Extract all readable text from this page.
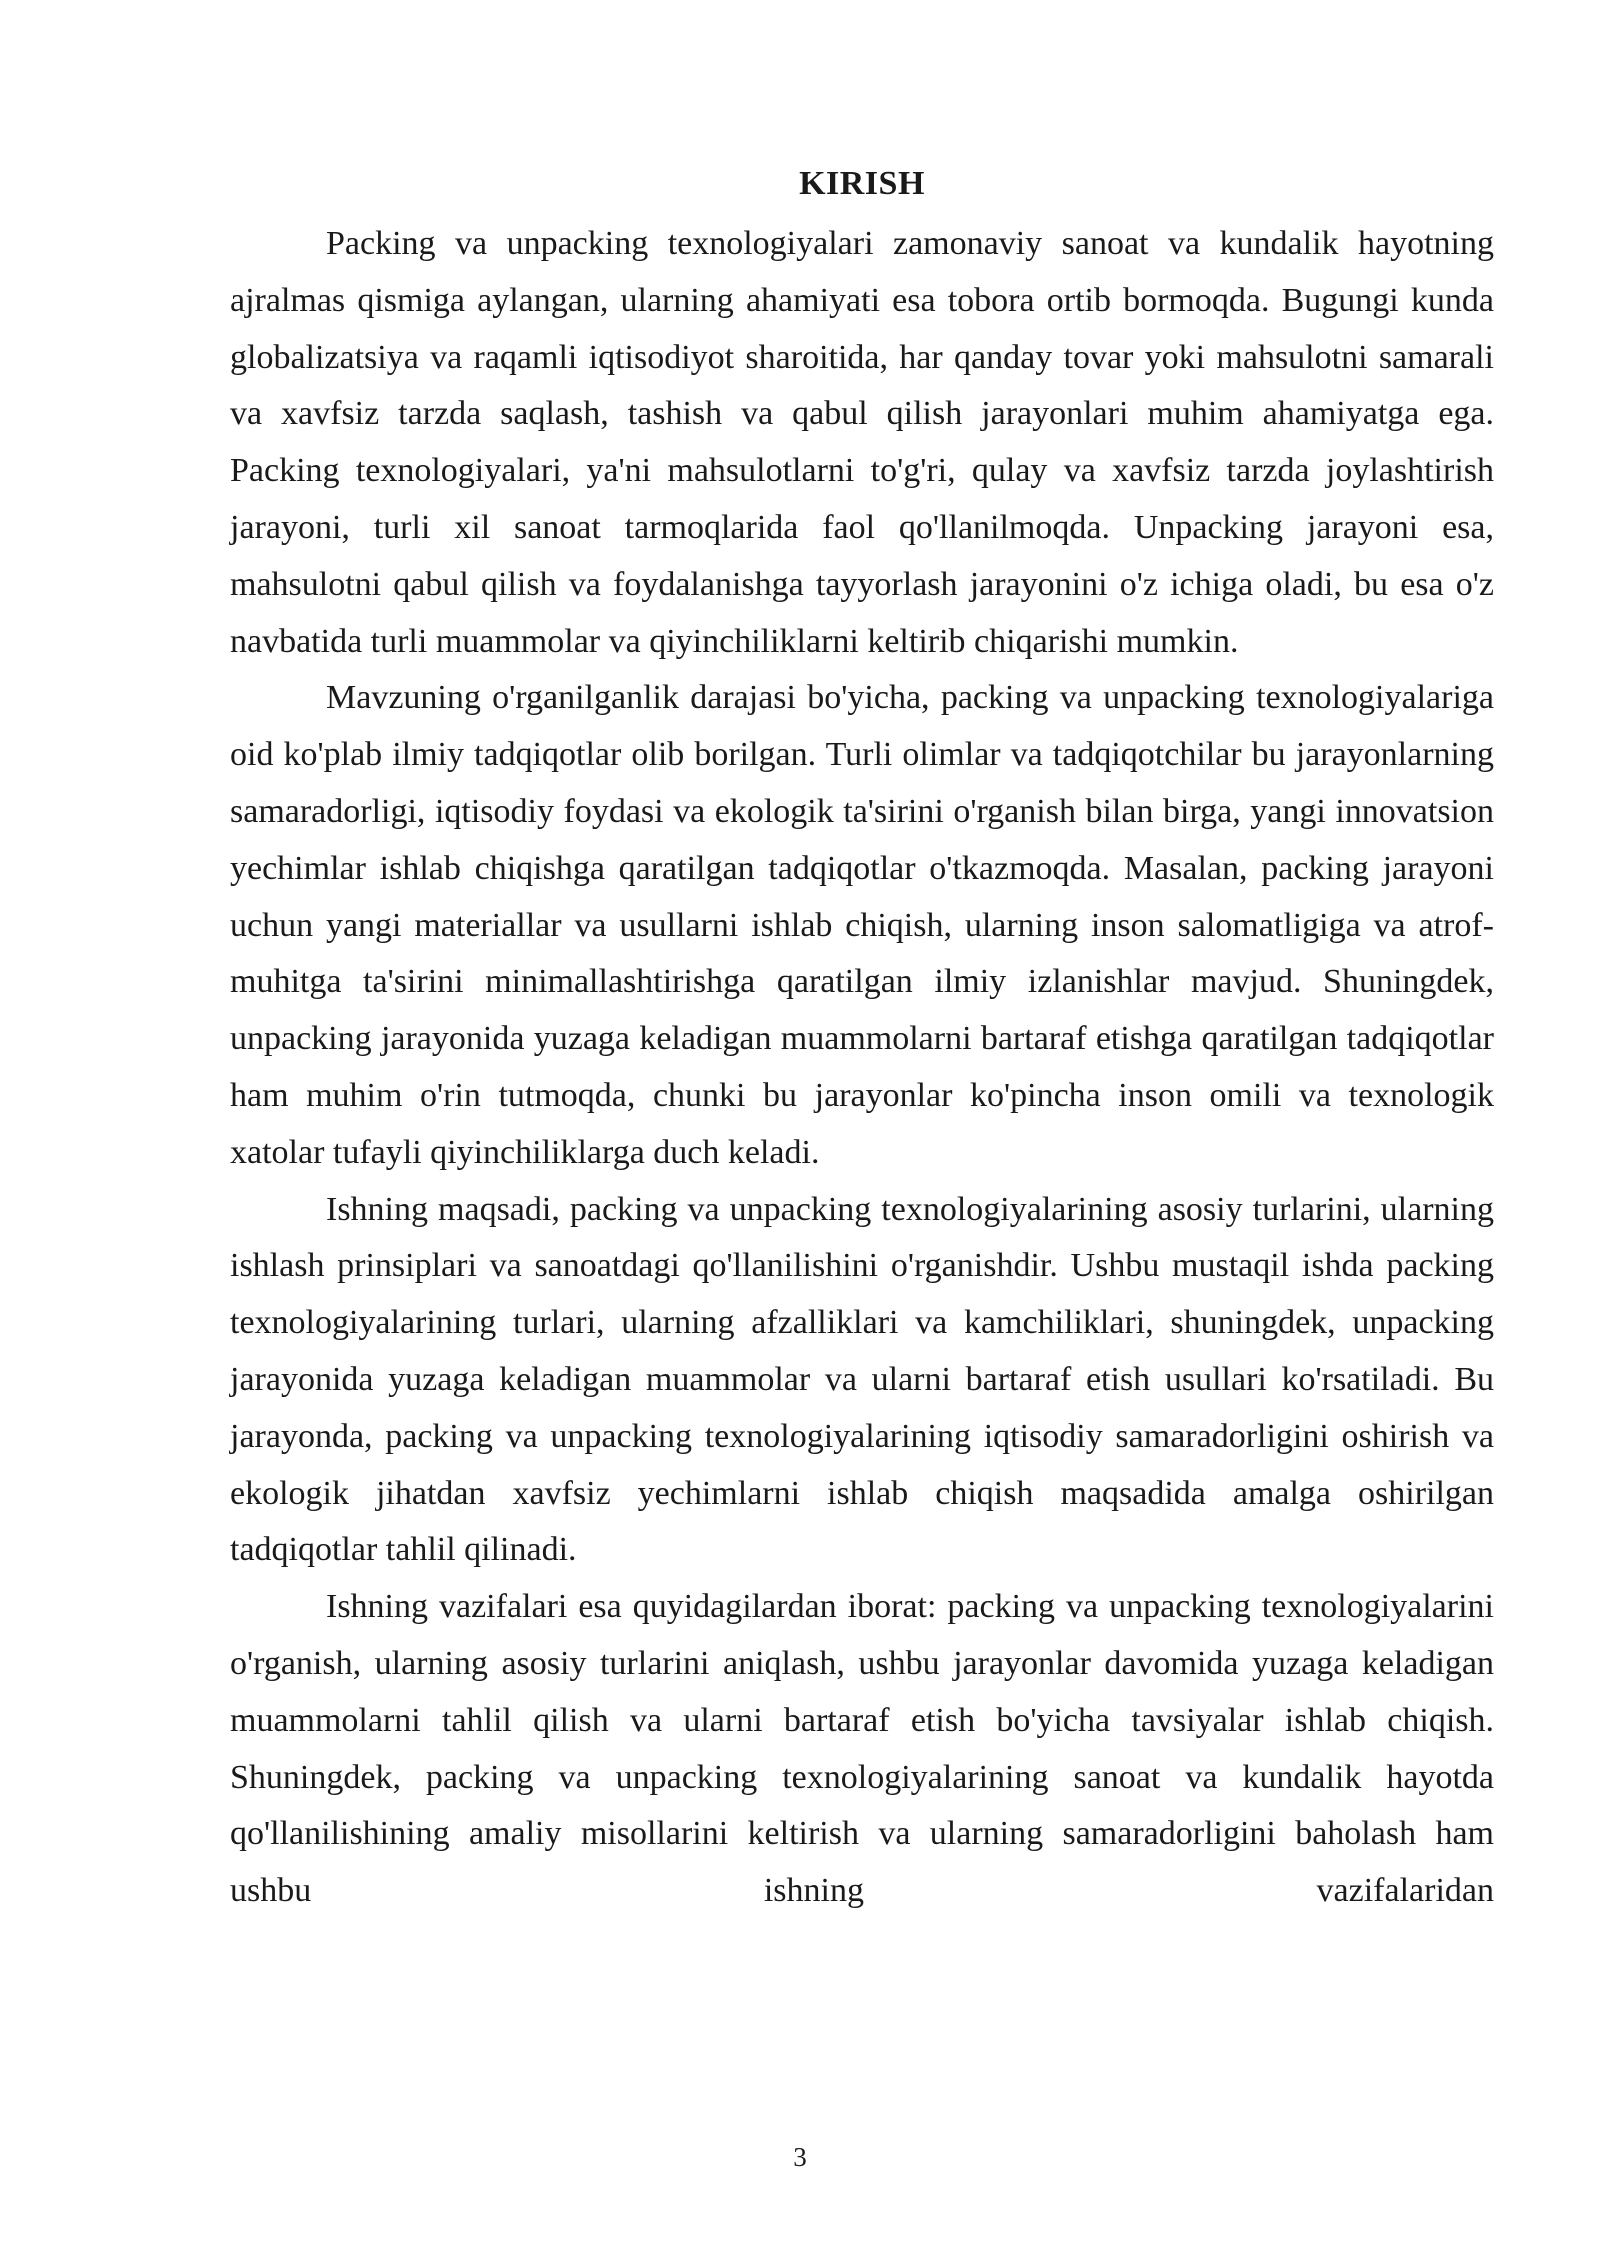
KIRISH

Packing va unpacking texnologiyalari zamonaviy sanoat va kundalik hayotning ajralmas qismiga aylangan, ularning ahamiyati esa tobora ortib bormoqda. Bugungi kunda globalizatsiya va raqamli iqtisodiyot sharoitida, har qanday tovar yoki mahsulotni samarali va xavfsiz tarzda saqlash, tashish va qabul qilish jarayonlari muhim ahamiyatga ega. Packing texnologiyalari, ya'ni mahsulotlarni to'g'ri, qulay va xavfsiz tarzda joylashtirish jarayoni, turli xil sanoat tarmoqlarida faol qo'llanilmoqda. Unpacking jarayoni esa, mahsulotni qabul qilish va foydalanishga tayyorlash jarayonini o'z ichiga oladi, bu esa o'z navbatida turli muammolar va qiyinchiliklarni keltirib chiqarishi mumkin.

Mavzuning o'rganilganlik darajasi bo'yicha, packing va unpacking texnologiyalariga oid ko'plab ilmiy tadqiqotlar olib borilgan. Turli olimlar va tadqiqotchilar bu jarayonlarning samaradorligi, iqtisodiy foydasi va ekologik ta'sirini o'rganish bilan birga, yangi innovatsion yechimlar ishlab chiqishga qaratilgan tadqiqotlar o'tkazmoqda. Masalan, packing jarayoni uchun yangi materiallar va usullarni ishlab chiqish, ularning inson salomatligiga va atrof-muhitga ta'sirini minimallashtirishga qaratilgan ilmiy izlanishlar mavjud. Shuningdek, unpacking jarayonida yuzaga keladigan muammolarni bartaraf etishga qaratilgan tadqiqotlar ham muhim o'rin tutmoqda, chunki bu jarayonlar ko'pincha inson omili va texnologik xatolar tufayli qiyinchiliklarga duch keladi.

Ishning maqsadi, packing va unpacking texnologiyalarining asosiy turlarini, ularning ishlash prinsiplari va sanoatdagi qo'llanilishini o'rganishdir. Ushbu mustaqil ishda packing texnologiyalarining turlari, ularning afzalliklari va kamchiliklari, shuningdek, unpacking jarayonida yuzaga keladigan muammolar va ularni bartaraf etish usullari ko'rsatiladi. Bu jarayonda, packing va unpacking texnologiyalarining iqtisodiy samaradorligini oshirish va ekologik jihatdan xavfsiz yechimlarni ishlab chiqish maqsadida amalga oshirilgan tadqiqotlar tahlil qilinadi.

Ishning vazifalari esa quyidagilardan iborat: packing va unpacking texnologiyalarini o'rganish, ularning asosiy turlarini aniqlash, ushbu jarayonlar davomida yuzaga keladigan muammolarni tahlil qilish va ularni bartaraf etish bo'yicha tavsiyalar ishlab chiqish. Shuningdek, packing va unpacking texnologiyalarining sanoat va kundalik hayotda qo'llanilishining amaliy misollarini keltirish va ularning samaradorligini baholash ham ushbu ishning vazifalaridan

3
